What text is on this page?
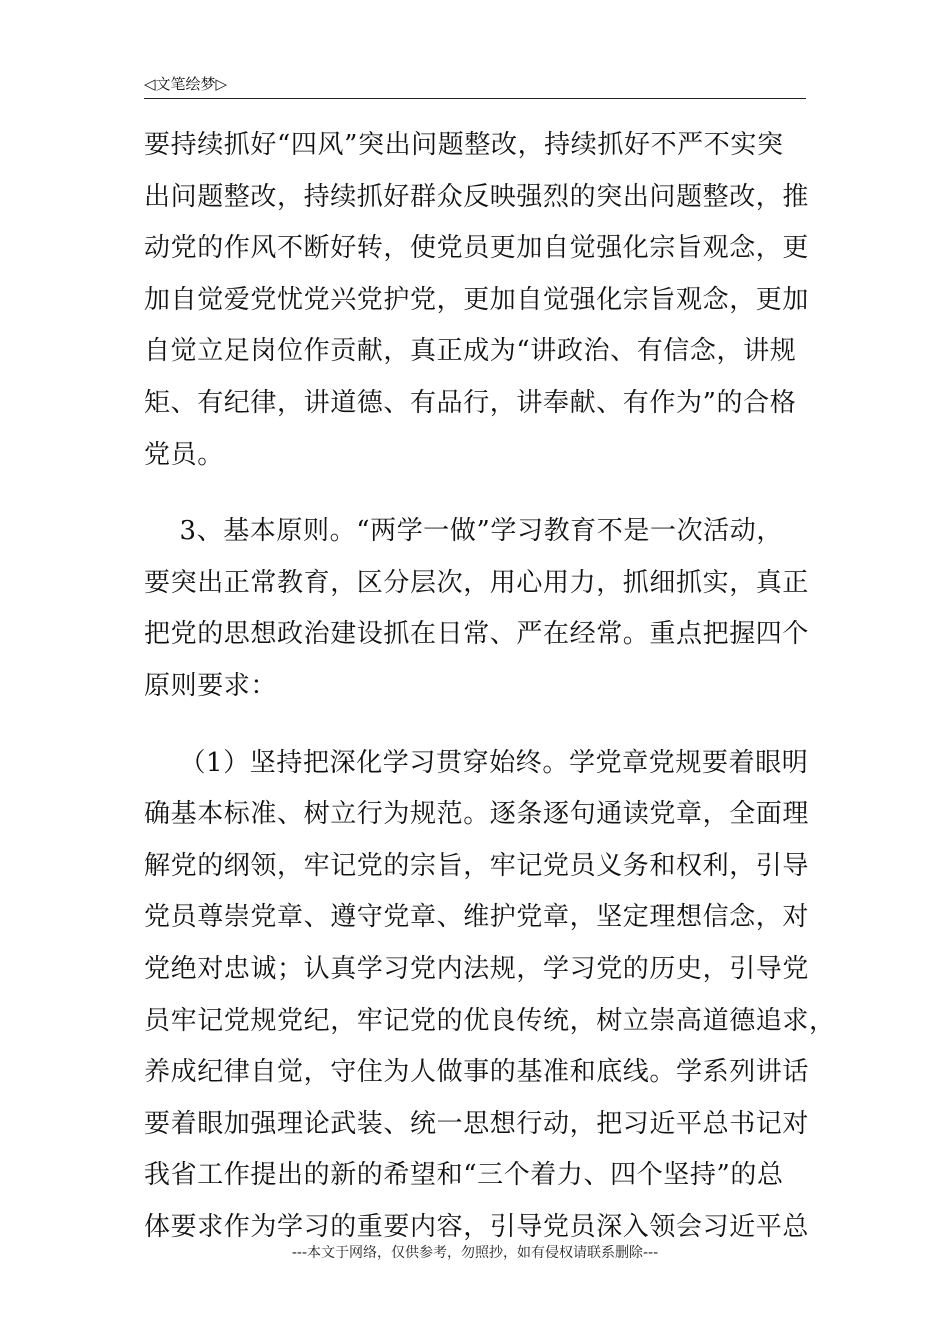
◁文笔绘梦▷
要持续抓好“四风”突出问题整改，持续抓好不严不实突
出问题整改，持续抓好群众反映强烈的突出问题整改，推
动党的作风不断好转，使党员更加自觉强化宗旨观念，更
加自觉爱党忧党兴党护党，更加自觉强化宗旨观念，更加
自觉立足岗位作贡献，真正成为“讲政治、有信念，讲规
矩、有纪律，讲道德、有品行，讲奉献、有作为”的合格
党员。
3、基本原则。“两学一做”学习教育不是一次活动，
要突出正常教育，区分层次，用心用力，抓细抓实，真正
把党的思想政治建设抓在日常、严在经常。重点把握四个
原则要求：
（1）坚持把深化学习贯穿始终。学党章党规要着眼明
确基本标准、树立行为规范。逐条逐句通读党章，全面理
解党的纲领，牢记党的宗旨，牢记党员义务和权利，引导
党员尊崇党章、遵守党章、维护党章，坚定理想信念，对
党绝对忠诚；认真学习党内法规，学习党的历史，引导党
员牢记党规党纪，牢记党的优良传统，树立崇高道德追求，
养成纪律自觉，守住为人做事的基准和底线。学系列讲话
要着眼加强理论武装、统一思想行动，把习近平总书记对
我省工作提出的新的希望和“三个着力、四个坚持”的总
体要求作为学习的重要内容，引导党员深入领会习近平总
---本文于网络，仅供参考，勿照抄，如有侵权请联系删除---
